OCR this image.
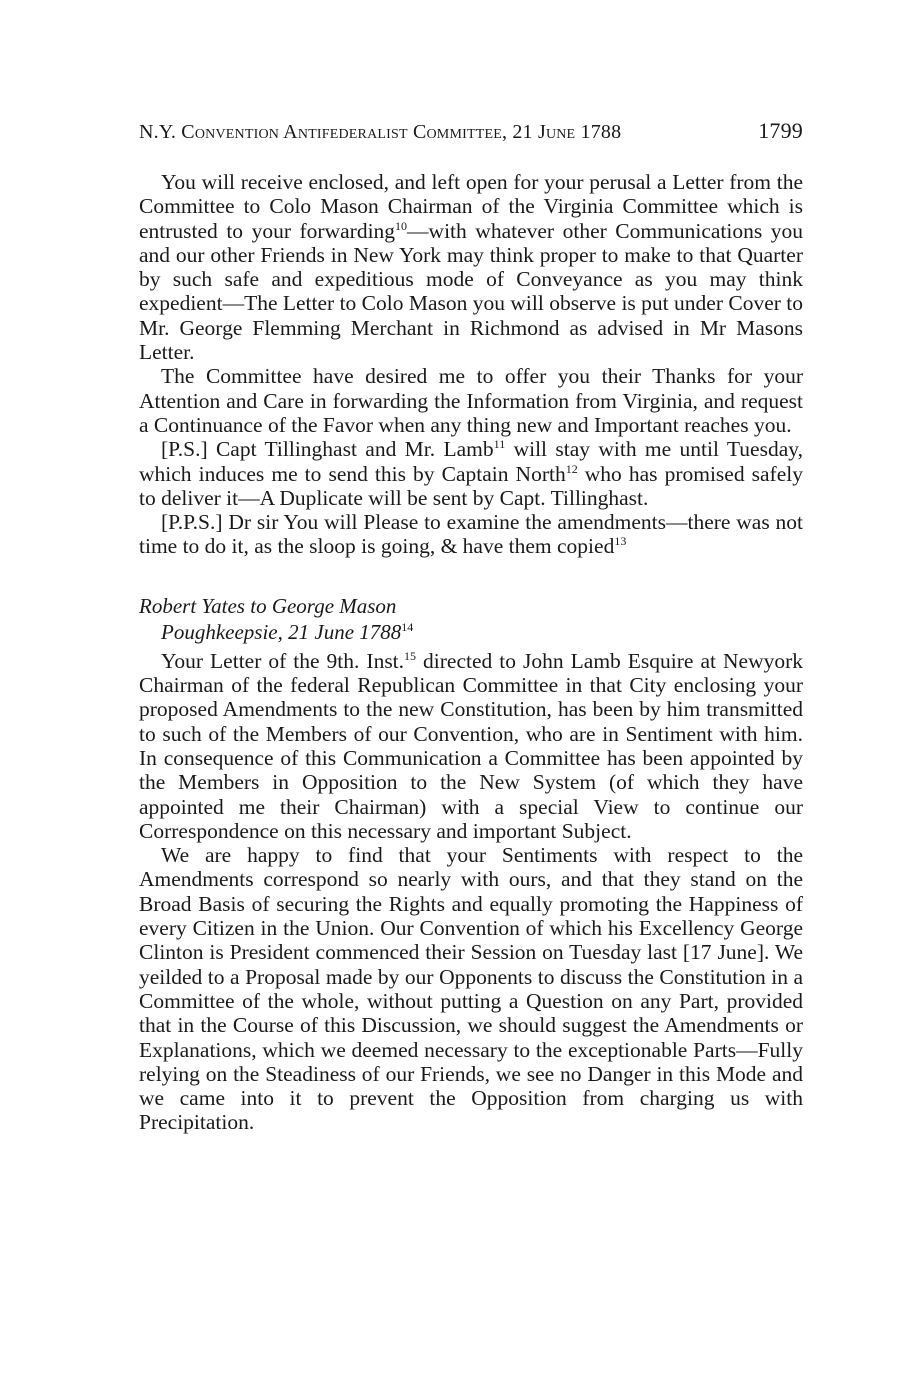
N.Y. Convention Antifederalist Committee, 21 June 1788	1799

You will receive enclosed, and left open for your perusal a Letter from the Committee to Colo Mason Chairman of the Virginia Committee which is entrusted to your forwarding$^{10}$—with whatever other Communications you and our other Friends in New York may think proper to make to that Quarter by such safe and expeditious mode of Conveyance as you may think expedient—The Letter to Colo Mason you will observe is put under Cover to Mr. George Flemming Merchant in Richmond as advised in Mr Masons Letter.

The Committee have desired me to offer you their Thanks for your Attention and Care in forwarding the Information from Virginia, and request a Continuance of the Favor when any thing new and Important reaches you.

[P.S.] Capt Tillinghast and Mr. Lamb$^{11}$ will stay with me until Tuesday, which induces me to send this by Captain North$^{12}$ who has promised safely to deliver it—A Duplicate will be sent by Capt. Tillinghast.

[P.P.S.] Dr sir You will Please to examine the amendments—there was not time to do it, as the sloop is going, & have them copied$^{13}$

Robert Yates to George Mason
Poughkeepsie, 21 June 1788$^{14}$

Your Letter of the 9th. Inst.$^{15}$ directed to John Lamb Esquire at Newyork Chairman of the federal Republican Committee in that City enclosing your proposed Amendments to the new Constitution, has been by him transmitted to such of the Members of our Convention, who are in Sentiment with him. In consequence of this Communication a Committee has been appointed by the Members in Opposition to the New System (of which they have appointed me their Chairman) with a special View to continue our Correspondence on this necessary and important Subject.

We are happy to find that your Sentiments with respect to the Amendments correspond so nearly with ours, and that they stand on the Broad Basis of securing the Rights and equally promoting the Happiness of every Citizen in the Union. Our Convention of which his Excellency George Clinton is President commenced their Session on Tuesday last [17 June]. We yeilded to a Proposal made by our Opponents to discuss the Constitution in a Committee of the whole, without putting a Question on any Part, provided that in the Course of this Discussion, we should suggest the Amendments or Explanations, which we deemed necessary to the exceptionable Parts—Fully relying on the Steadiness of our Friends, we see no Danger in this Mode and we came into it to prevent the Opposition from charging us with Precipitation.
